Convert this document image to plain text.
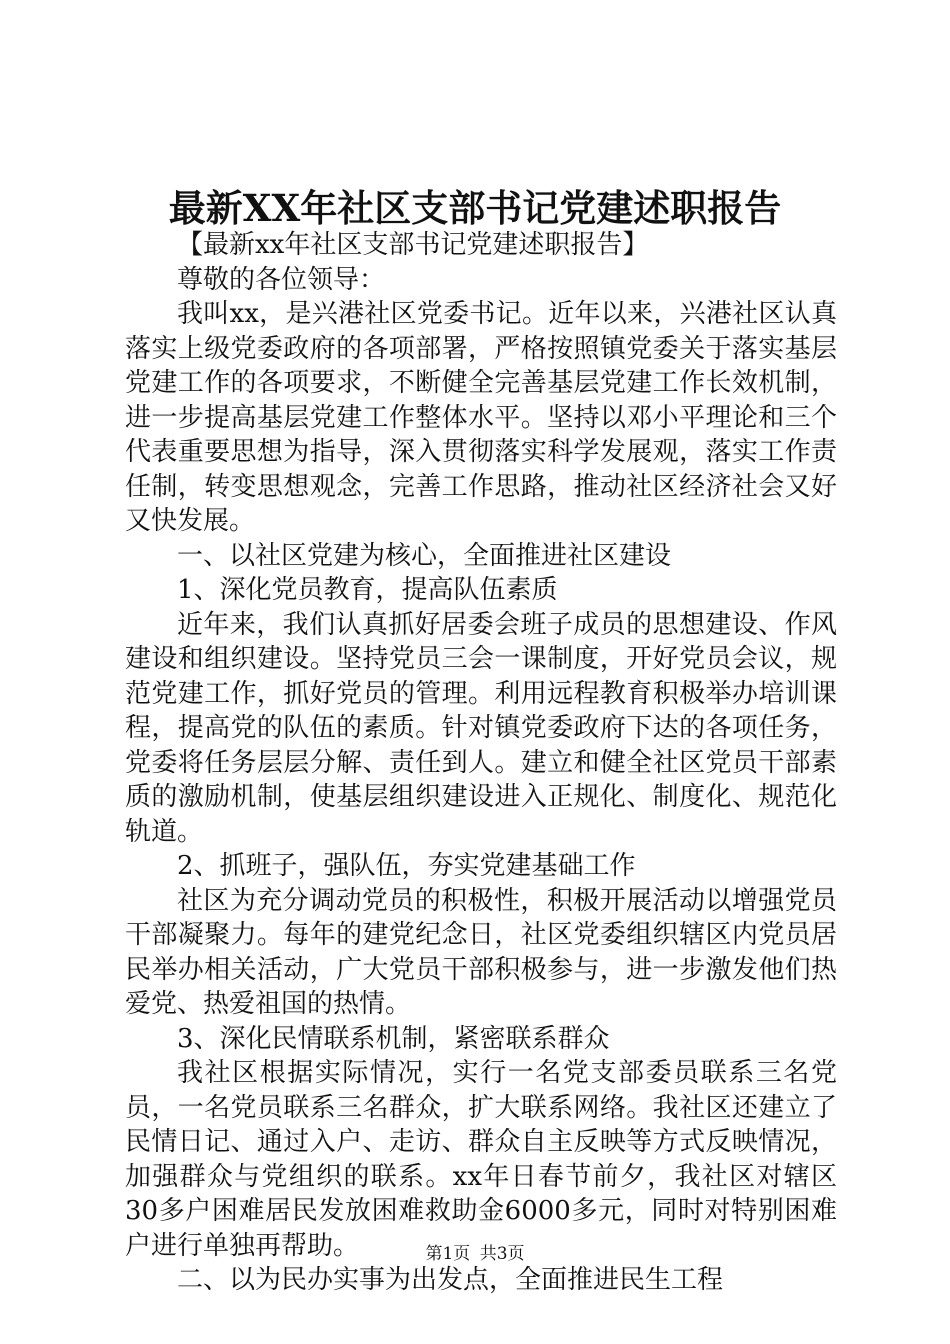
最新XX年社区支部书记党建述职报告

【最新xx年社区支部书记党建述职报告】

尊敬的各位领导：

我叫xx，是兴港社区党委书记。近年以来，兴港社区认真落实上级党委政府的各项部署，严格按照镇党委关于落实基层党建工作的各项要求，不断健全完善基层党建工作长效机制，进一步提高基层党建工作整体水平。坚持以邓小平理论和三个代表重要思想为指导，深入贯彻落实科学发展观，落实工作责任制，转变思想观念，完善工作思路，推动社区经济社会又好又快发展。

一、以社区党建为核心，全面推进社区建设

1、深化党员教育，提高队伍素质

近年来，我们认真抓好居委会班子成员的思想建设、作风建设和组织建设。坚持党员三会一课制度，开好党员会议，规范党建工作，抓好党员的管理。利用远程教育积极举办培训课程，提高党的队伍的素质。针对镇党委政府下达的各项任务，党委将任务层层分解、责任到人。建立和健全社区党员干部素质的激励机制，使基层组织建设进入正规化、制度化、规范化轨道。

2、抓班子，强队伍，夯实党建基础工作

社区为充分调动党员的积极性，积极开展活动以增强党员干部凝聚力。每年的建党纪念日，社区党委组织辖区内党员居民举办相关活动，广大党员干部积极参与，进一步激发他们热爱党、热爱祖国的热情。

3、深化民情联系机制，紧密联系群众

我社区根据实际情况，实行一名党支部委员联系三名党员，一名党员联系三名群众，扩大联系网络。我社区还建立了民情日记、通过入户、走访、群众自主反映等方式反映情况，加强群众与党组织的联系。xx年日春节前夕，我社区对辖区30多户困难居民发放困难救助金6000多元，同时对特别困难户进行单独再帮助。

二、以为民办实事为出发点，全面推进民生工程

第1页 共3页
